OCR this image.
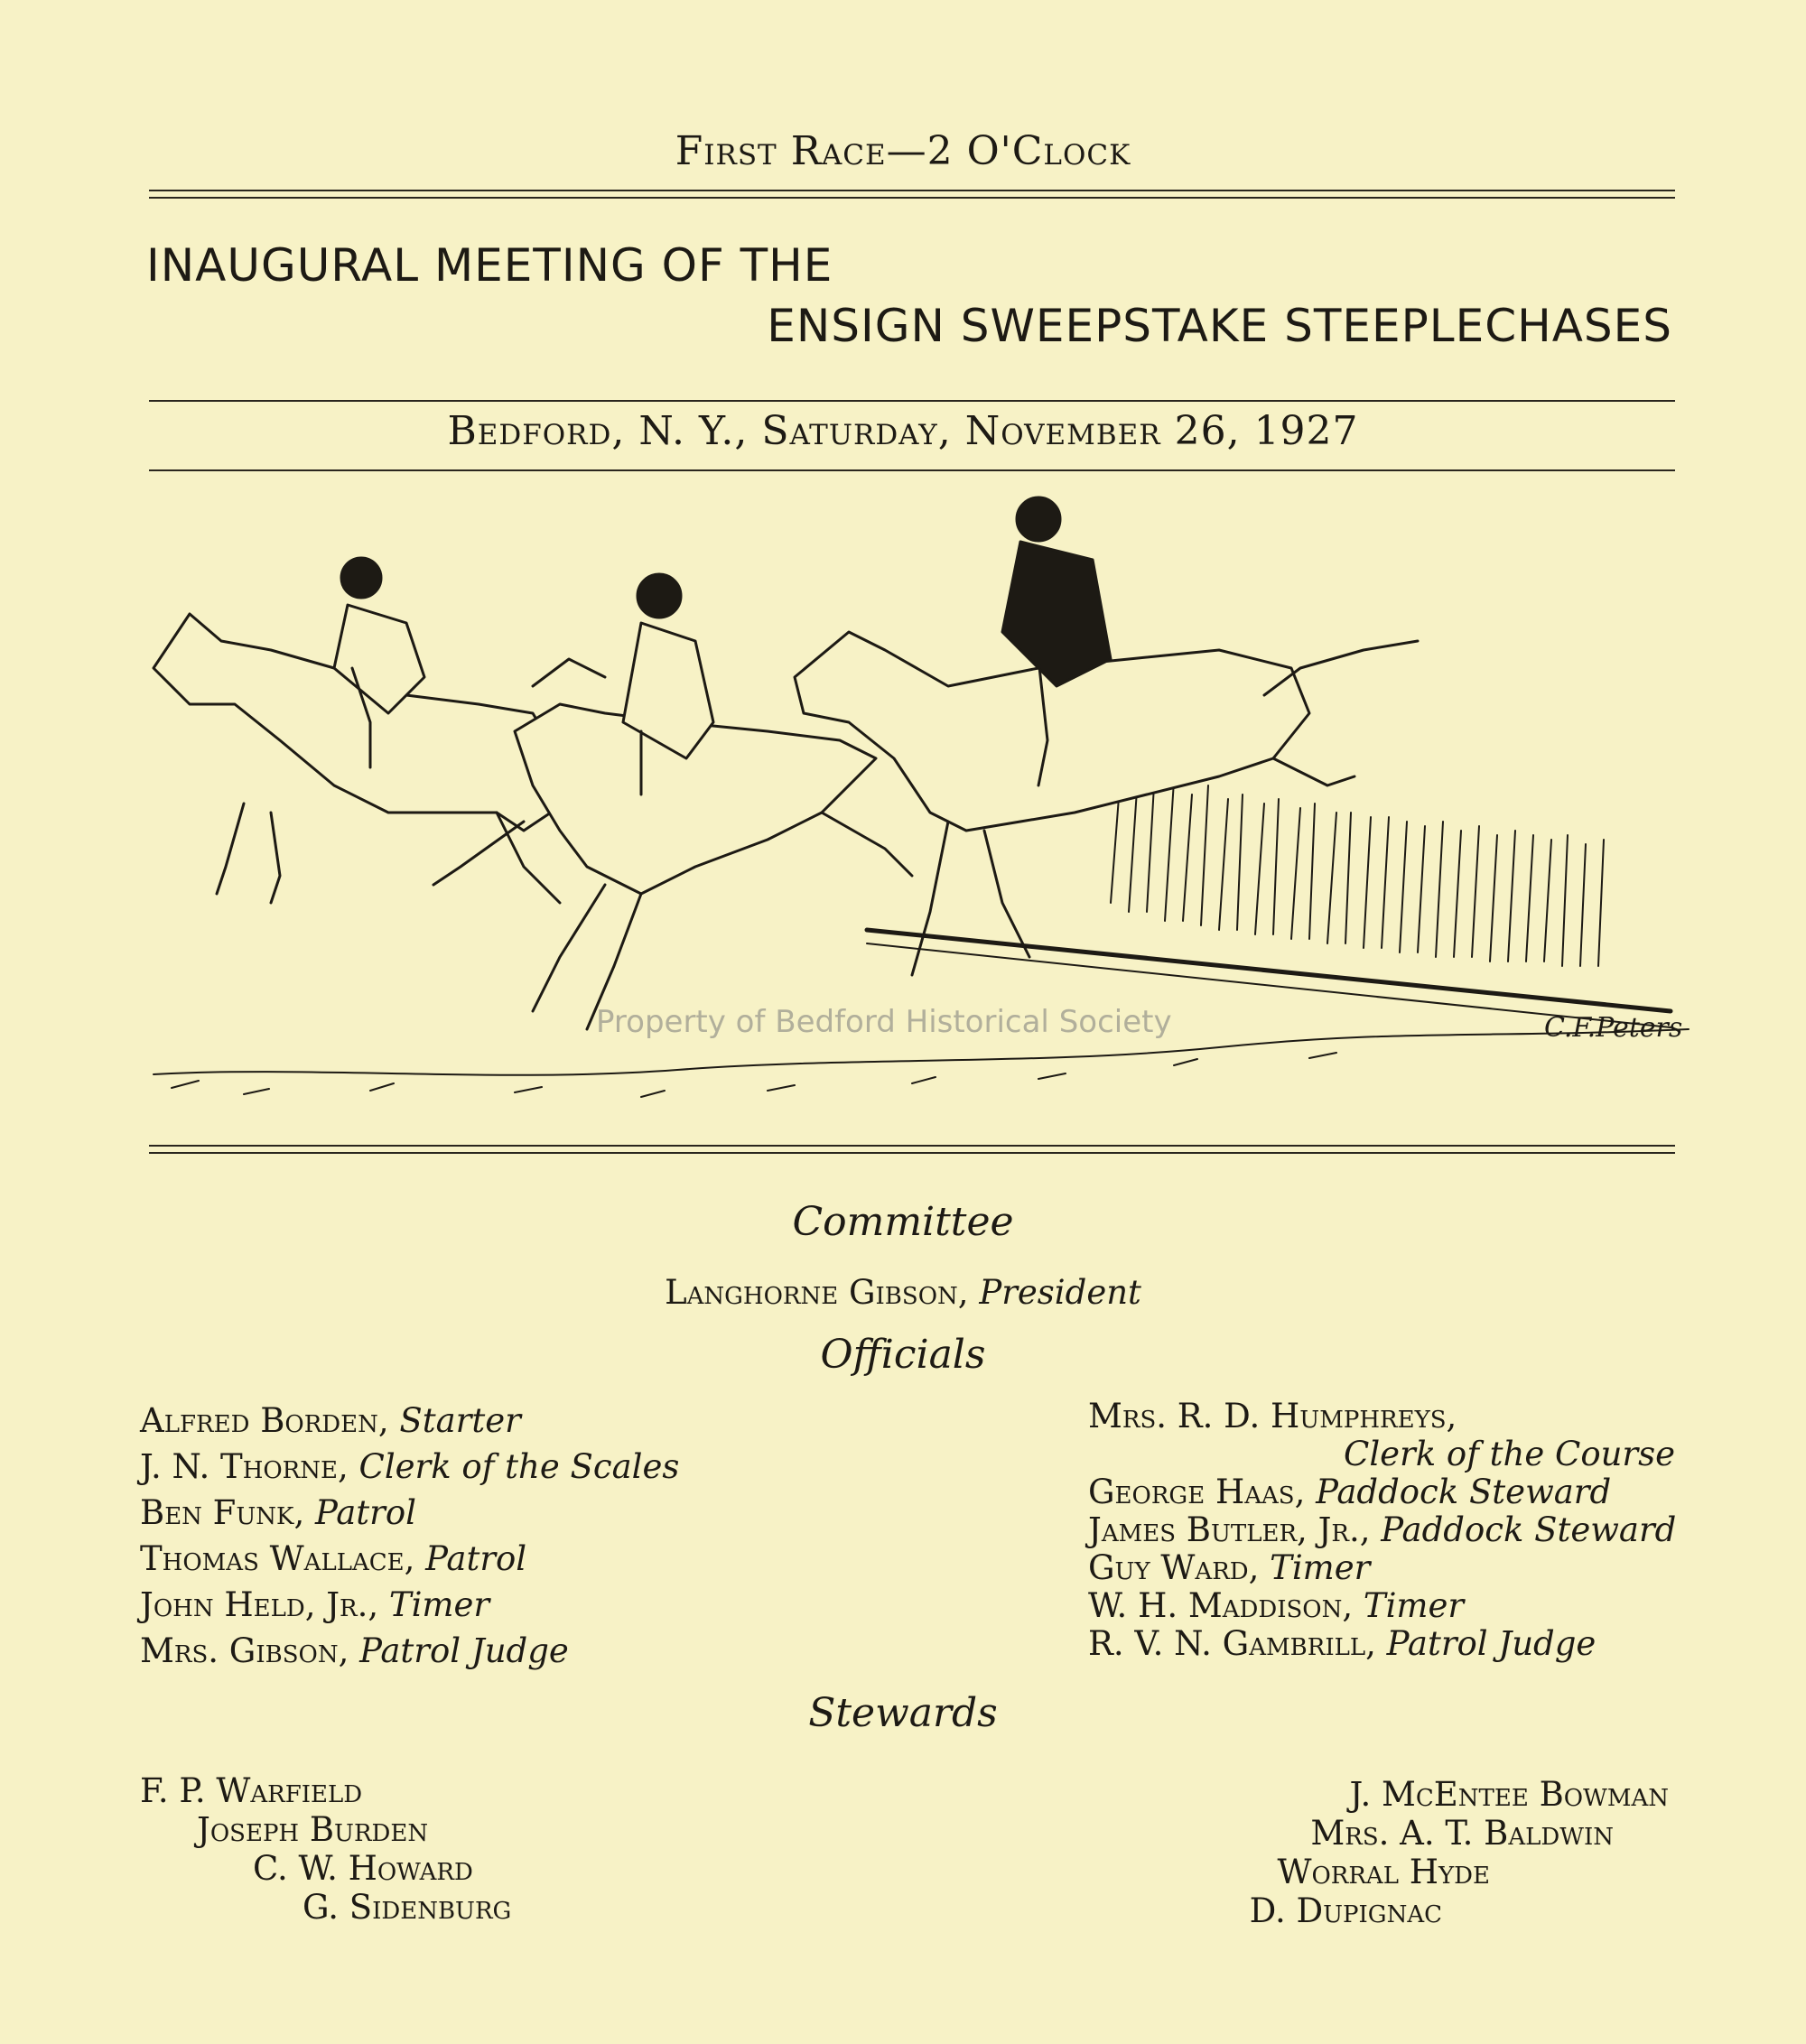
First Race—2 O'Clock
INAUGURAL MEETING OF THE
ENSIGN SWEEPSTAKE STEEPLECHASES
Bedford, N. Y., Saturday, November 26, 1927
C.F.Peters
Property of Bedford Historical Society
Committee
Langhorne Gibson, President
Officials
Alfred Borden, Starter
J. N. Thorne, Clerk of the Scales
Ben Funk, Patrol
Thomas Wallace, Patrol
John Held, Jr., Timer
Mrs. Gibson, Patrol Judge
Mrs. R. D. Humphreys,
Clerk of the Course
George Haas, Paddock Steward
James Butler, Jr., Paddock Steward
Guy Ward, Timer
W. H. Maddison, Timer
R. V. N. Gambrill, Patrol Judge
Stewards
F. P. Warfield
Joseph Burden
C. W. Howard
G. Sidenburg
J. McEntee Bowman
Mrs. A. T. Baldwin
Worral Hyde
D. Dupignac
